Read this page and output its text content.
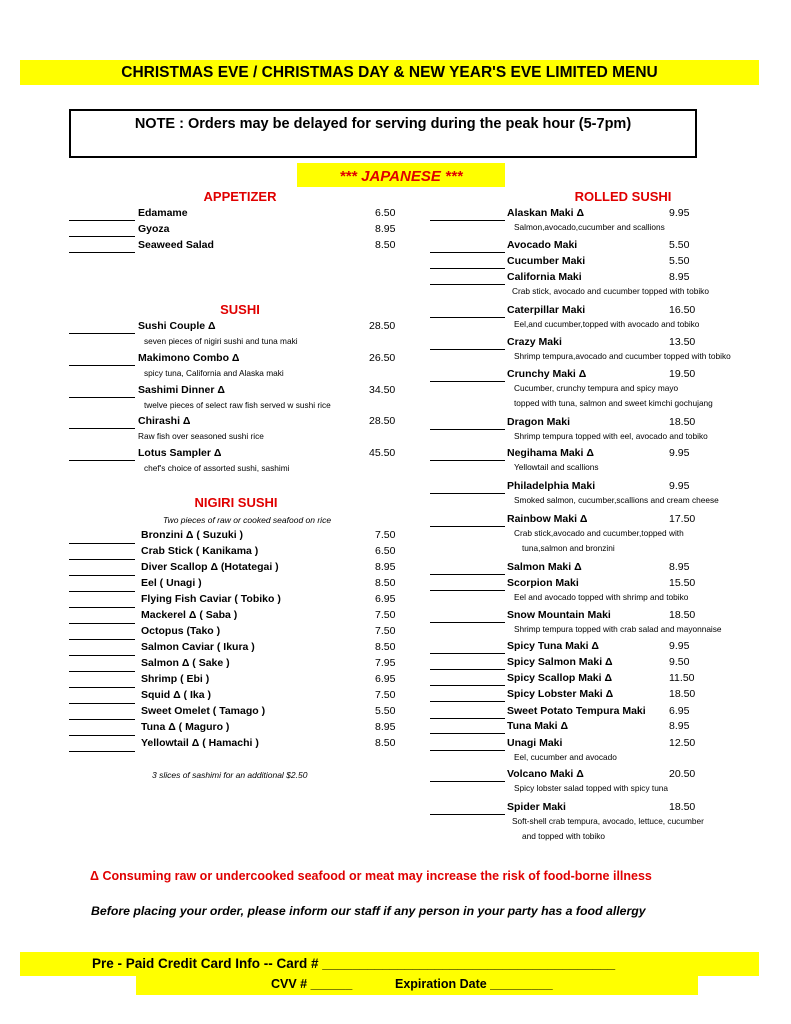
CHRISTMAS EVE / CHRISTMAS DAY & NEW YEAR'S EVE LIMITED MENU
NOTE : Orders may be delayed for serving during the peak hour (5-7pm)
*** JAPANESE ***
APPETIZER
Edamame	6.50
Gyoza	8.95
Seaweed Salad	8.50
SUSHI
Sushi Couple Δ	28.50
seven pieces of nigiri sushi and tuna maki
Makimono Combo Δ	26.50
spicy tuna, California and Alaska maki
Sashimi Dinner Δ	34.50
twelve pieces of select raw fish served w sushi rice
Chirashi Δ	28.50
Raw fish over seasoned sushi rice
Lotus Sampler Δ	45.50
chef's choice of assorted sushi, sashimi
NIGIRI SUSHI
Two pieces of raw or cooked seafood on rice
Bronzini Δ ( Suzuki )	7.50
Crab Stick ( Kanikama )	6.50
Diver Scallop Δ (Hotategai )	8.95
Eel ( Unagi )	8.50
Flying Fish Caviar ( Tobiko )	6.95
Mackerel Δ ( Saba )	7.50
Octopus (Tako )	7.50
Salmon Caviar ( Ikura )	8.50
Salmon Δ ( Sake )	7.95
Shrimp ( Ebi )	6.95
Squid Δ ( Ika )	7.50
Sweet Omelet ( Tamago )	5.50
Tuna Δ ( Maguro )	8.95
Yellowtail Δ ( Hamachi )	8.50
3 slices of sashimi for an additional $2.50
ROLLED SUSHI
Alaskan Maki Δ	9.95
Salmon,avocado,cucumber and scallions
Avocado Maki	5.50
Cucumber Maki	5.50
California Maki	8.95
Crab stick, avocado and cucumber topped with tobiko
Caterpillar Maki	16.50
Eel,and cucumber,topped with avocado and tobiko
Crazy Maki	13.50
Shrimp tempura,avocado and cucumber topped with tobiko
Crunchy Maki Δ	19.50
Cucumber, crunchy tempura and spicy mayo
topped with tuna, salmon and sweet kimchi gochujang
Dragon Maki	18.50
Shrimp tempura topped with eel, avocado and tobiko
Negihama Maki Δ	9.95
Yellowtail and scallions
Philadelphia Maki	9.95
Smoked salmon, cucumber,scallions and cream cheese
Rainbow Maki Δ	17.50
Crab stick,avocado and cucumber,topped with
tuna,salmon and bronzini
Salmon Maki Δ	8.95
Scorpion Maki	15.50
Eel and avocado topped with shrimp and tobiko
Snow Mountain Maki	18.50
Shrimp tempura topped with crab salad and mayonnaise
Spicy Tuna Maki Δ	9.95
Spicy Salmon Maki Δ	9.50
Spicy Scallop Maki Δ	11.50
Spicy Lobster Maki Δ	18.50
Sweet Potato Tempura Maki 6.95
Tuna Maki Δ	8.95
Unagi Maki	12.50
Eel, cucumber and avocado
Volcano Maki Δ	20.50
Spicy lobster salad topped with spicy tuna
Spider Maki	18.50
Soft-shell crab tempura, avocado, lettuce, cucumber
and topped with tobiko
Δ Consuming raw or undercooked seafood or meat may increase the risk of food-borne illness
Before placing your order, please inform our staff if any person in your party has a food allergy
Pre - Paid Credit Card Info -- Card # _______________________________________
CVV # ______	Expiration Date _________
